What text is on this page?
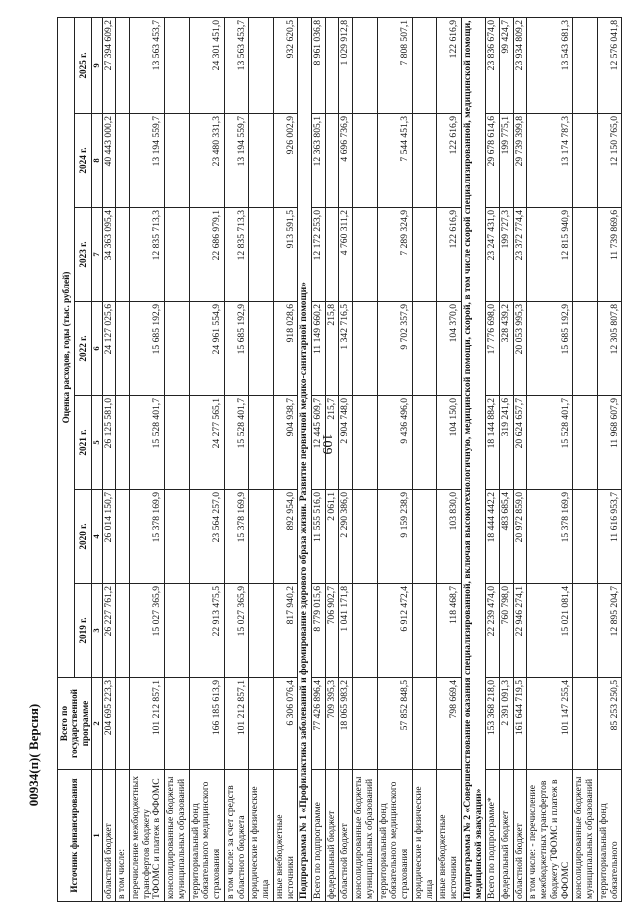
109
00934(п)( Версия)
Источник финансирования	Всего по государственной программе	Оценка расходов, годы (тыс. рублей)						
		2019 г.	2020 г.	2021 г.	2022 г.	2023 г.	2024 г.	2025 г.
1	2	3	4	5	6	7	8	9
областной бюджет	204 695 223,3	26 227 761,2	26 014 150,7	26 125 581,0	24 127 025,6	34 363 095,4	40 443 000,2	27 394 609,2
в том числе:								
перечисление межбюджетных трансфертов бюджету ТФОМС и платеж в ФФОМС	101 212 857,1	15 027 365,9	15 378 169,9	15 528 401,7	15 685 192,9	12 835 713,3	13 194 559,7	13 563 453,7
консолидированные бюджеты муниципальных образований								
территориальный фонд обязательного медицинского страхования	166 185 613,9	22 913 475,5	23 564 257,0	24 277 565,1	24 961 554,9	22 686 979,1	23 480 331,3	24 301 451,0
в том числе: за счет средств областного бюджета	101 212 857,1	15 027 365,9	15 378 169,9	15 528 401,7	15 685 192,9	12 835 713,3	13 194 559,7	13 563 453,7
юридические и физические лица								
иные внебюджетные источники	6 306 076,4	817 940,2	892 954,0	904 938,7	918 028,6	913 591,5	926 002,9	932 620,5
Подпрограмма № 1 «Профилактика заболеваний и формирование здорового образа жизни. Развитие первичной медико-санитарной помощи»								
Всего по подпрограмме	77 426 896,4	8 779 015,6	11 555 516,0	12 445 609,7	11 149 660,2	12 172 253,0	12 363 805,1	8 961 036,8
федеральный бюджет	709 395,3	706 902,7	2 061,1	215,7	215,8			
областной бюджет	18 065 983,2	1 041 171,8	2 290 386,0	2 904 748,0	1 342 716,5	4 760 311,2	4 696 736,9	1 029 912,8
консолидированные бюджеты муниципальных образований								
территориальный фонд обязательного медицинского страхования	57 852 848,5	6 912 472,4	9 159 238,9	9 436 496,0	9 702 357,9	7 289 324,9	7 544 451,3	7 808 507,1
юридические и физические лица								
иные внебюджетные источники	798 669,4	118 468,7	103 830,0	104 150,0	104 370,0	122 616,9	122 616,9	122 616,9
Подпрограмма № 2 «Совершенствование оказания специализированной, включая высокотехнологичную, медицинской помощи, скорой, в том числе скорой специализированной, медицинской помощи, медицинской эвакуации»								
Всего по подпрограмме*	153 368 218,0	22 239 474,0	18 444 442,2	18 144 884,2	17 776 698,0	23 247 431,0	29 678 614,6	23 836 674,0
федеральный бюджет	2 391 091,3	760 798,0	483 685,4	319 241,6	328 439,2	199 727,3	199 775,1	99 424,7
областной бюджет	161 644 719,5	22 946 274,1	20 972 859,0	20 624 657,7	20 053 995,3	23 372 774,4	29 739 399,8	23 934 809,2
в том числе: - перечисление межбюджетных трансфертов бюджету ТФОМС и платеж в ФФОМС	101 147 255,4	15 021 081,4	15 378 169,9	15 528 401,7	15 685 192,9	12 815 940,9	13 174 787,3	13 543 681,3
консолидированные бюджеты муниципальных образований								
территориальный фонд обязательного	85 253 250,5	12 895 204,7	11 616 953,7	11 968 607,9	12 305 807,8	11 739 869,6	12 150 765,0	12 576 041,8
